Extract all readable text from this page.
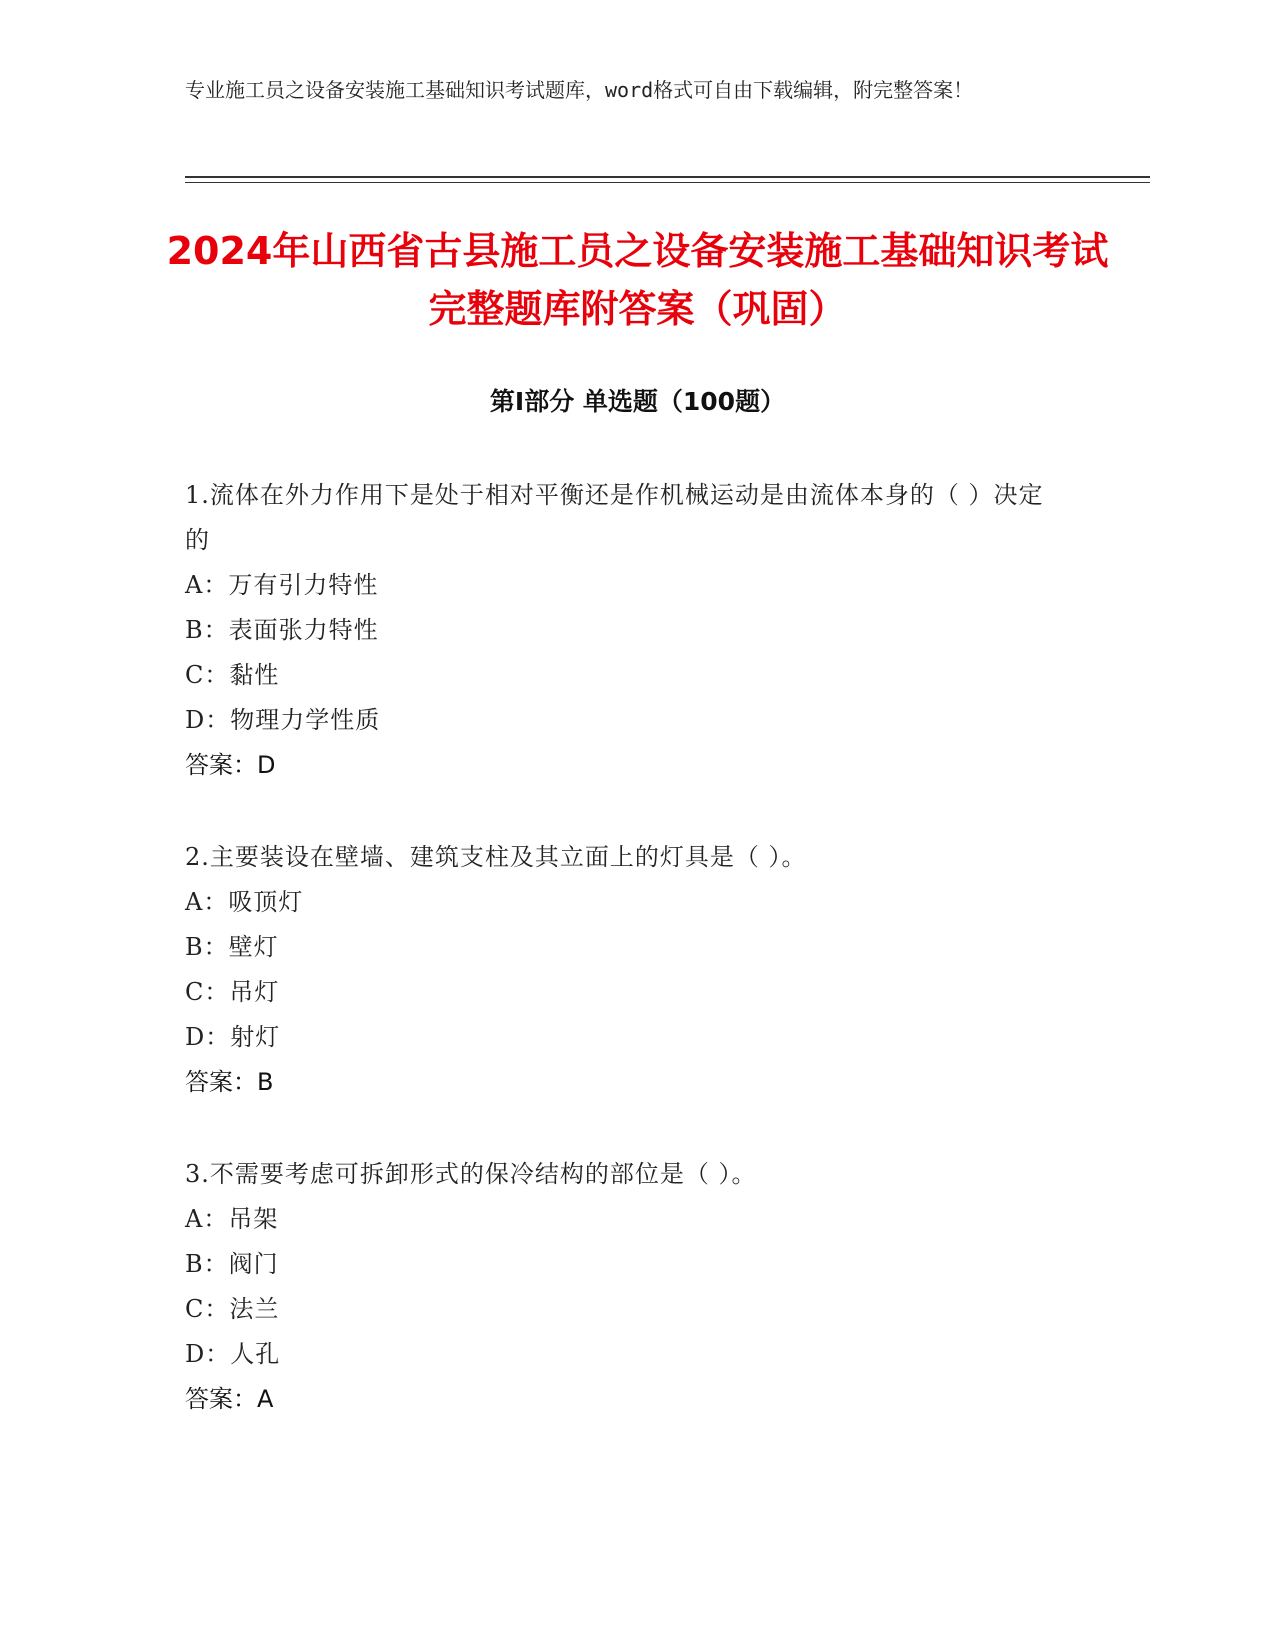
专业施工员之设备安装施工基础知识考试题库，word格式可自由下载编辑，附完整答案！
2024年山西省古县施工员之设备安装施工基础知识考试完整题库附答案（巩固）
第Ⅰ部分 单选题（100题）
1.流体在外力作用下是处于相对平衡还是作机械运动是由流体本身的（ ）决定的
A：万有引力特性
B：表面张力特性
C：黏性
D：物理力学性质
答案：D
2.主要装设在壁墙、建筑支柱及其立面上的灯具是（ ）。
A：吸顶灯
B：壁灯
C：吊灯
D：射灯
答案：B
3.不需要考虑可拆卸形式的保冷结构的部位是（ ）。
A：吊架
B：阀门
C：法兰
D：人孔
答案：A
